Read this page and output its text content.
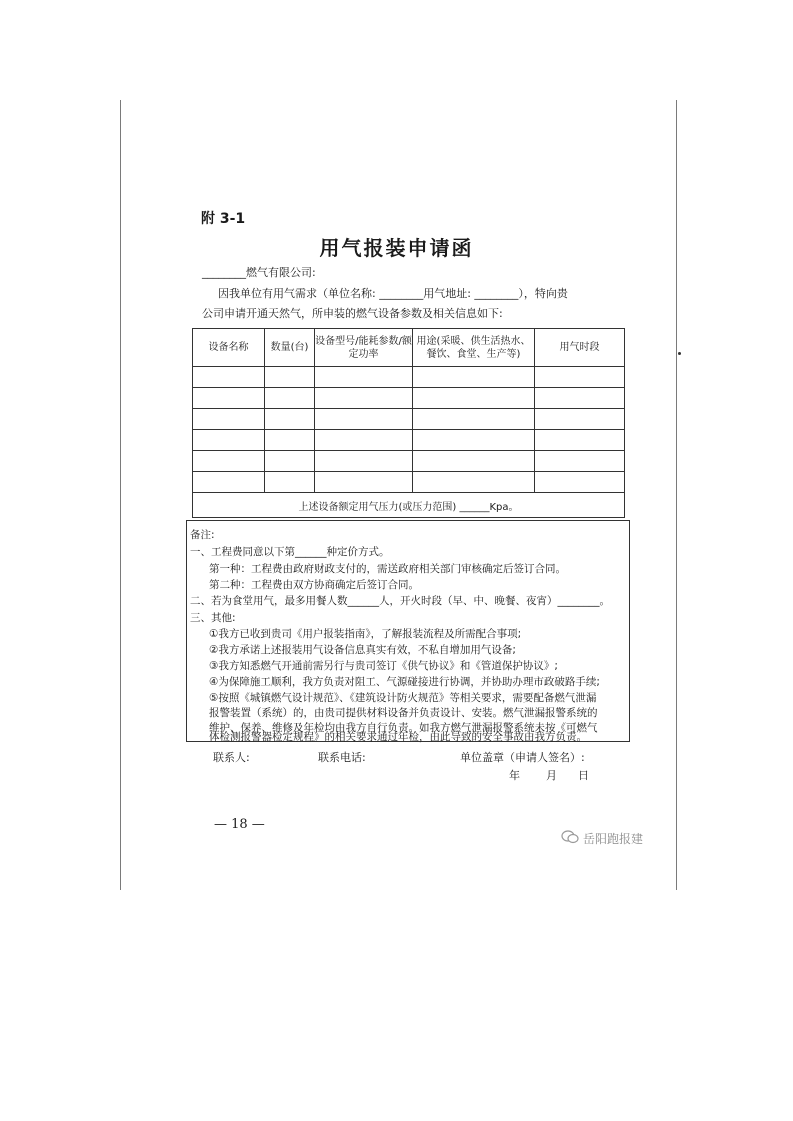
附 3-1
用气报装申请函
________燃气有限公司:
因我单位有用气需求（单位名称: ________用气地址: ________），特向贵
公司申请开通天然气，所申装的燃气设备参数及相关信息如下:
设备名称	数量(台)	设备型号/能耗参数/额定功率	用途(采暖、供生活热水、餐饮、食堂、生产等)	用气时段

上述设备额定用气压力(或压力范围) ______Kpa。				
备注:
一、工程费同意以下第______种定价方式。
第一种：工程费由政府财政支付的，需送政府相关部门审核确定后签订合同。
第二种：工程费由双方协商确定后签订合同。
二、若为食堂用气，最多用餐人数______人，开火时段（早、中、晚餐、夜宵）________。
三、其他:
①我方已收到贵司《用户报装指南》，了解报装流程及所需配合事项;
②我方承诺上述报装用气设备信息真实有效，不私自增加用气设备;
③我方知悉燃气开通前需另行与贵司签订《供气协议》和《管道保护协议》;
④为保障施工顺利，我方负责对阻工、气源碰接进行协调，并协助办理市政破路手续;
⑤按照《城镇燃气设计规范》、《建筑设计防火规范》等相关要求，需要配备燃气泄漏
报警装置（系统）的，由贵司提供材料设备并负责设计、安装。燃气泄漏报警系统的
维护、保养、维修及年检均由我方自行负责。如我方燃气泄漏报警系统未按《可燃气
体检测报警器检定规程》的相关要求通过年检，由此导致的安全事故由我方负责。
联系人:	联系电话:	单位盖章（申请人签名）:
年 月 日
— 18 —
岳阳跑报建
